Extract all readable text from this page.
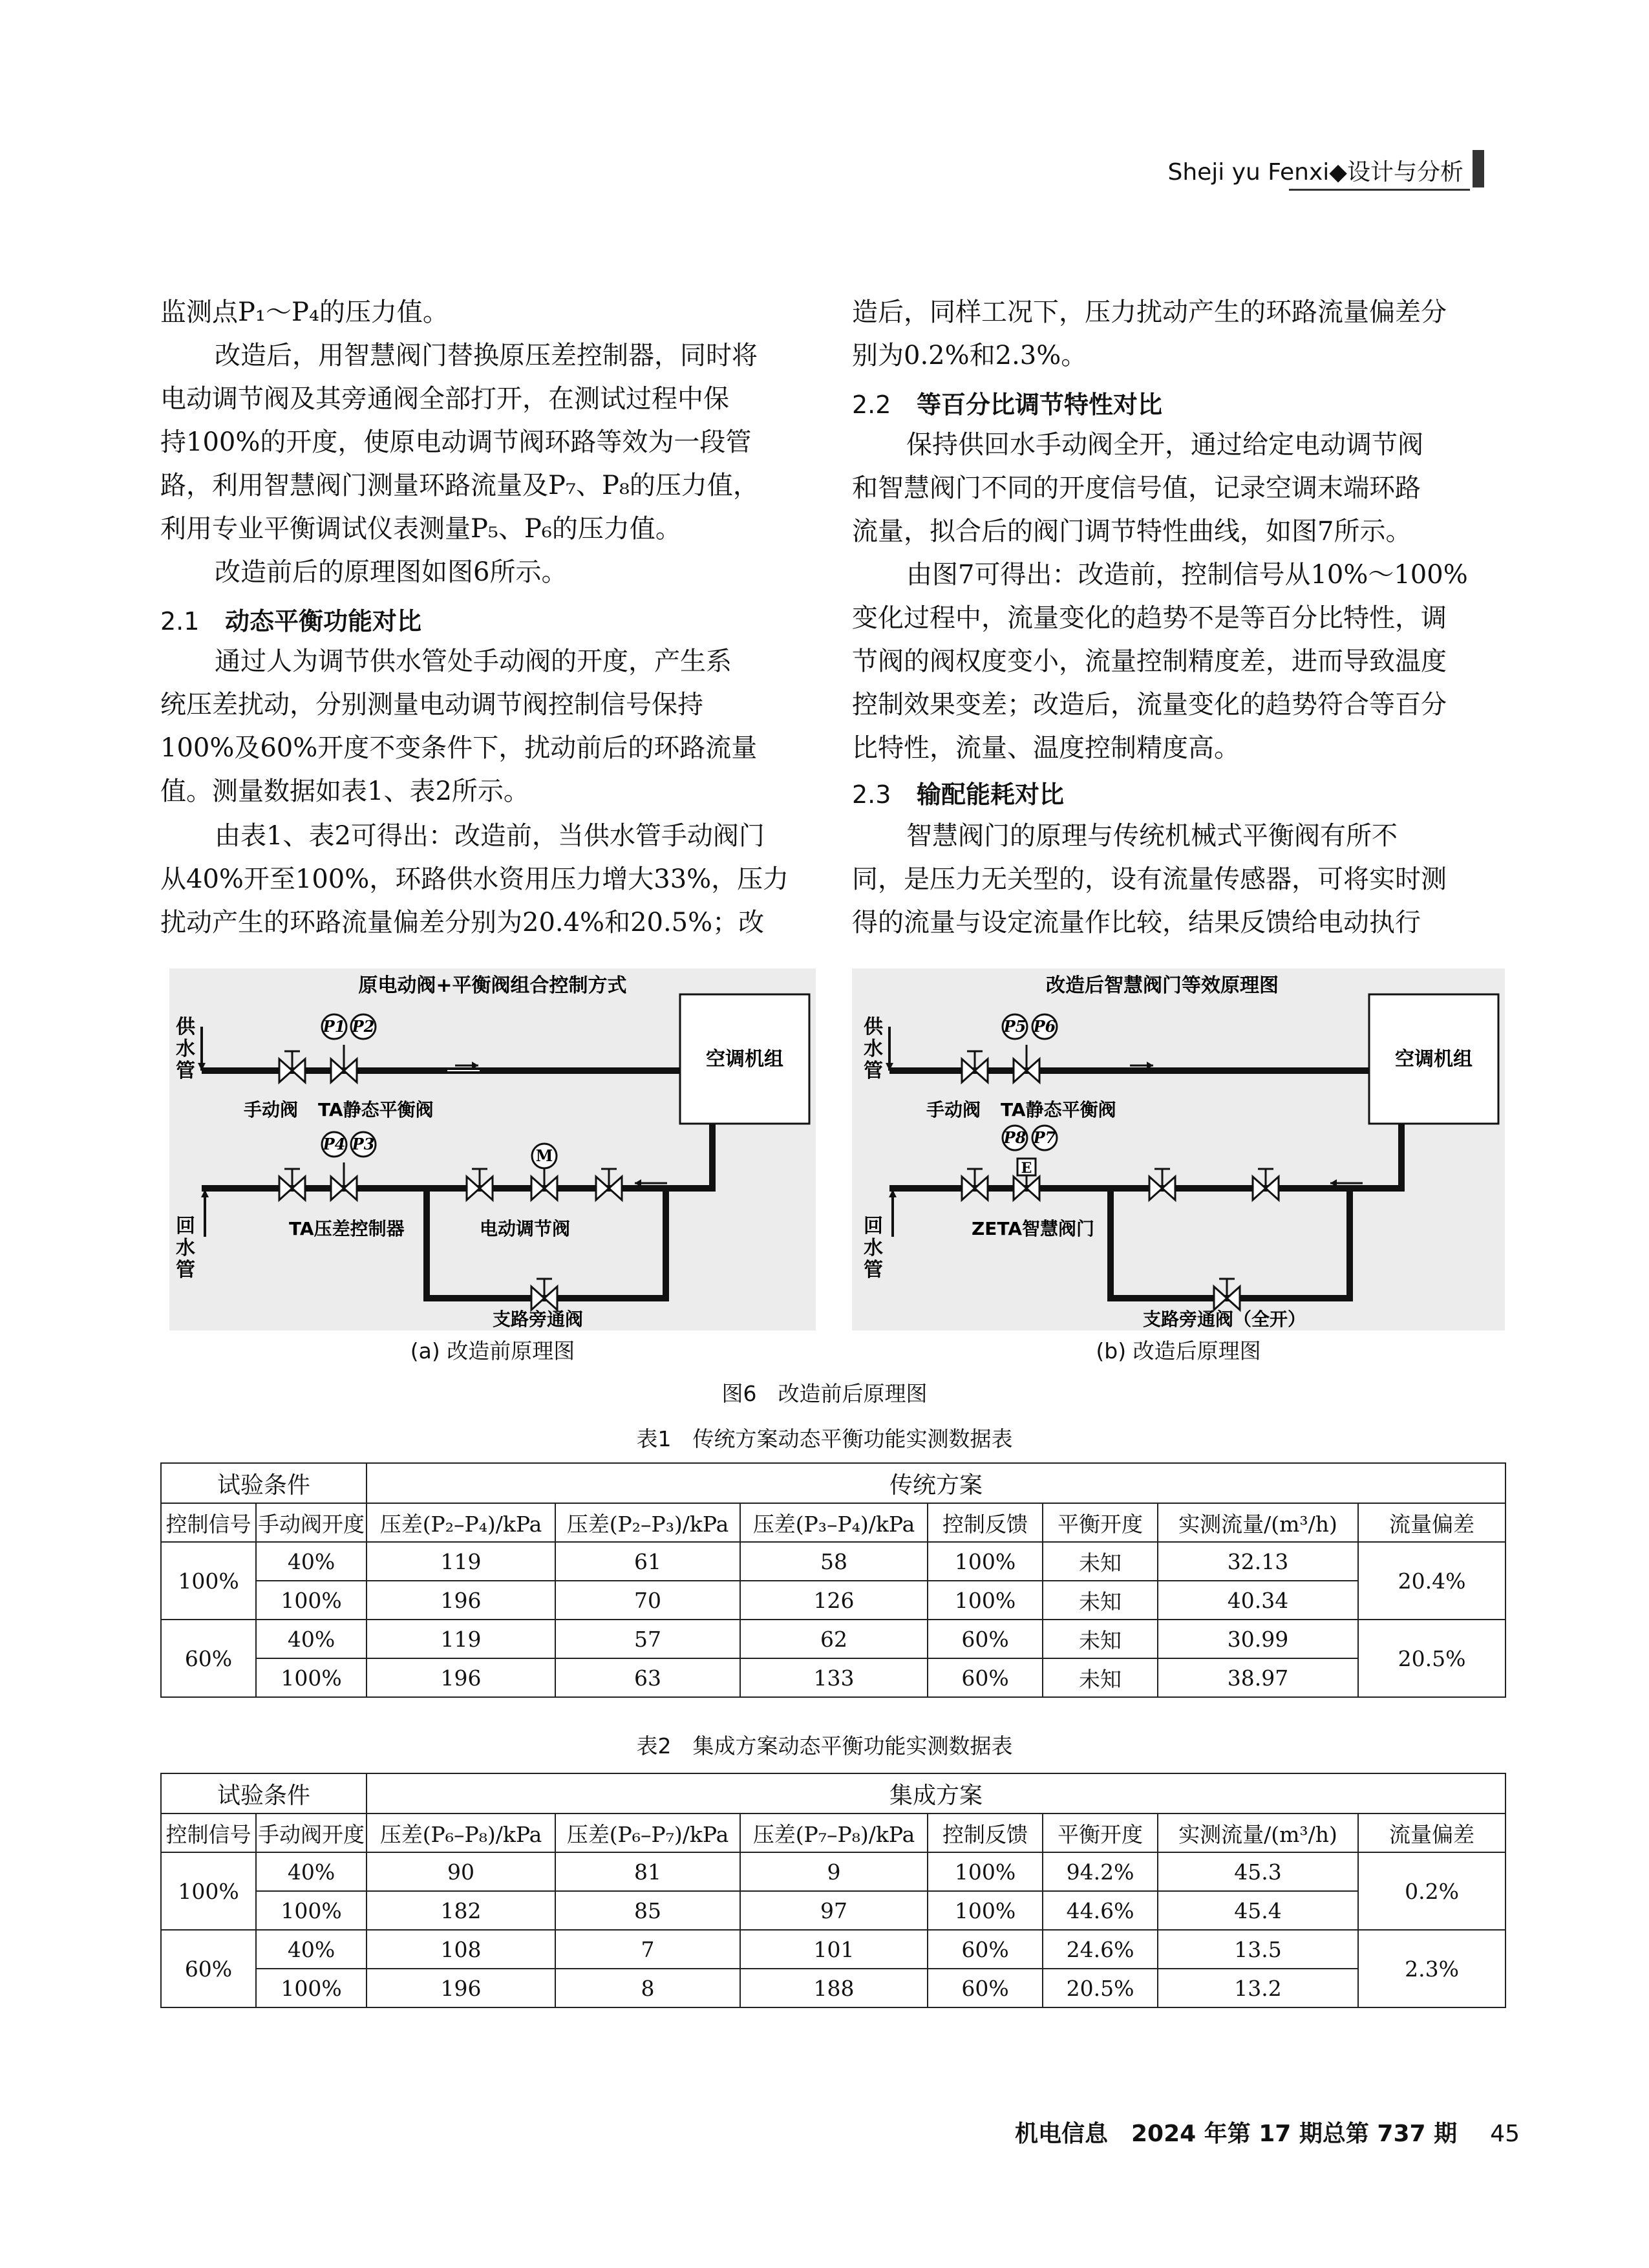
Sheji yu Fenxi◆设计与分析
监测点P₁～P₄的压力值。
改造后，用智慧阀门替换原压差控制器，同时将
电动调节阀及其旁通阀全部打开，在测试过程中保
持100%的开度，使原电动调节阀环路等效为一段管
路，利用智慧阀门测量环路流量及P₇、P₈的压力值，
利用专业平衡调试仪表测量P₅、P₆的压力值。
改造前后的原理图如图6所示。
2.1 动态平衡功能对比
通过人为调节供水管处手动阀的开度，产生系
统压差扰动，分别测量电动调节阀控制信号保持
100%及60%开度不变条件下，扰动前后的环路流量
值。测量数据如表1、表2所示。
由表1、表2可得出：改造前，当供水管手动阀门
从40%开至100%，环路供水资用压力增大33%，压力
扰动产生的环路流量偏差分别为20.4%和20.5%；改
造后，同样工况下，压力扰动产生的环路流量偏差分
别为0.2%和2.3%。
2.2 等百分比调节特性对比
保持供回水手动阀全开，通过给定电动调节阀
和智慧阀门不同的开度信号值，记录空调末端环路
流量，拟合后的阀门调节特性曲线，如图7所示。
由图7可得出：改造前，控制信号从10%～100%
变化过程中，流量变化的趋势不是等百分比特性，调
节阀的阀权度变小，流量控制精度差，进而导致温度
控制效果变差；改造后，流量变化的趋势符合等百分
比特性，流量、温度控制精度高。
2.3 输配能耗对比
智慧阀门的原理与传统机械式平衡阀有所不
同，是压力无关型的，设有流量传感器，可将实时测
得的流量与设定流量作比较，结果反馈给电动执行
原电动阀+平衡阀组合控制方式
供
水
管
回
水
管
空调机组
P1 P2
P4 P3
M
手动阀 TA静态平衡阀
TA压差控制器	电动调节阀
支路旁通阀
(a) 改造前原理图
改造后智慧阀门等效原理图
供
水
管
回
水
管
空调机组
P5 P6
P8 P7
E
手动阀 TA静态平衡阀
ZETA智慧阀门
支路旁通阀（全开）
(b) 改造后原理图
图6　改造前后原理图
表1　传统方案动态平衡功能实测数据表
试验条件		传统方案						
控制信号	手动阀开度	压差(P₂–P₄)/kPa	压差(P₂–P₃)/kPa	压差(P₃–P₄)/kPa	控制反馈	平衡开度	实测流量/(m³/h)	流量偏差
100%	40%	119	61	58	100%	未知	32.13	20.4%
	100%	196	70	126	100%	未知	40.34	
60%	40%	119	57	62	60%	未知	30.99	20.5%
	100%	196	63	133	60%	未知	38.97	
表2　集成方案动态平衡功能实测数据表
试验条件		集成方案						
控制信号	手动阀开度	压差(P₆–P₈)/kPa	压差(P₆–P₇)/kPa	压差(P₇–P₈)/kPa	控制反馈	平衡开度	实测流量/(m³/h)	流量偏差
100%	40%	90	81	9	100%	94.2%	45.3	0.2%
	100%	182	85	97	100%	44.6%	45.4	
60%	40%	108	7	101	60%	24.6%	13.5	2.3%
	100%	196	8	188	60%	20.5%	13.2	
机电信息　2024 年第 17 期总第 737 期 45
